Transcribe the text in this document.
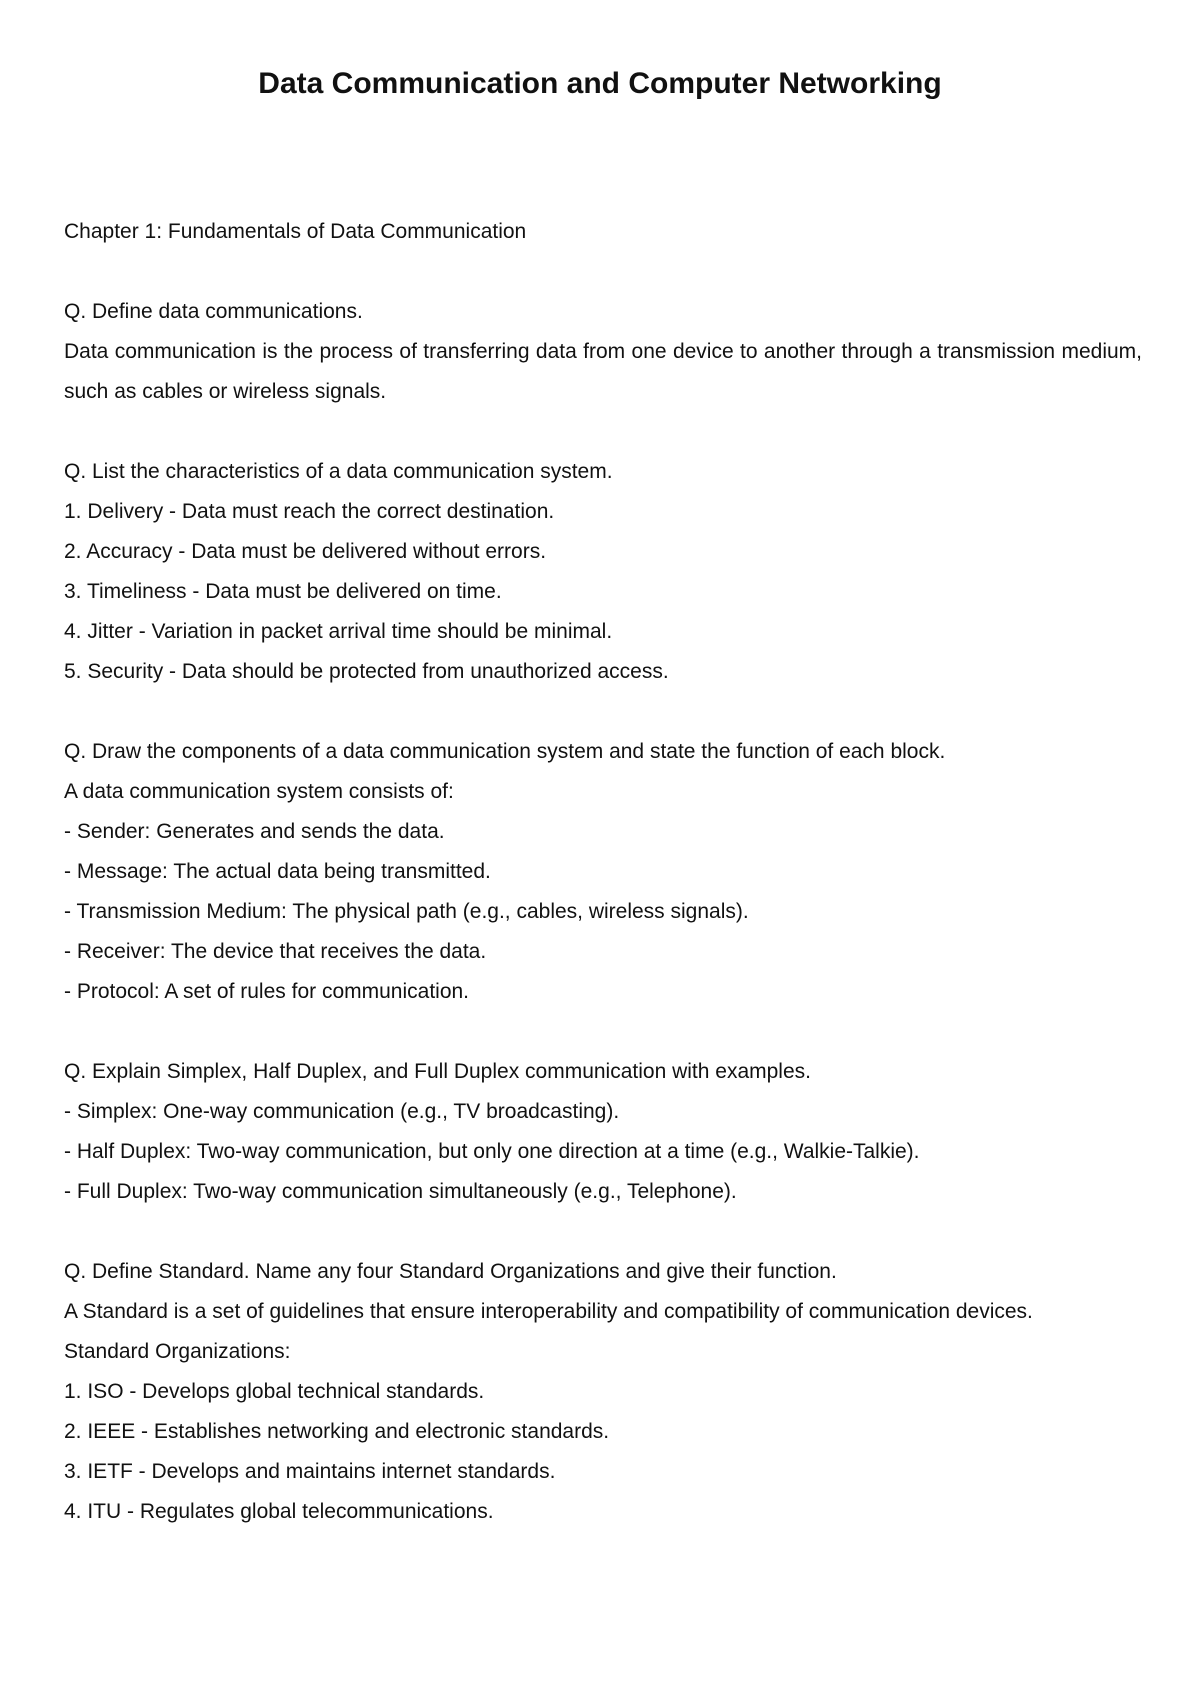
Data Communication and Computer Networking
Chapter 1: Fundamentals of Data Communication

Q. Define data communications.

Data communication is the process of transferring data from one device to another through a transmission medium, such as cables or wireless signals.

Q. List the characteristics of a data communication system.

1. Delivery - Data must reach the correct destination.

2. Accuracy - Data must be delivered without errors.

3. Timeliness - Data must be delivered on time.

4. Jitter - Variation in packet arrival time should be minimal.

5. Security - Data should be protected from unauthorized access.

Q. Draw the components of a data communication system and state the function of each block.

A data communication system consists of:

- Sender: Generates and sends the data.

- Message: The actual data being transmitted.

- Transmission Medium: The physical path (e.g., cables, wireless signals).

- Receiver: The device that receives the data.

- Protocol: A set of rules for communication.

Q. Explain Simplex, Half Duplex, and Full Duplex communication with examples.

- Simplex: One-way communication (e.g., TV broadcasting).

- Half Duplex: Two-way communication, but only one direction at a time (e.g., Walkie-Talkie).

- Full Duplex: Two-way communication simultaneously (e.g., Telephone).

Q. Define Standard. Name any four Standard Organizations and give their function.

A Standard is a set of guidelines that ensure interoperability and compatibility of communication devices.

Standard Organizations:

1. ISO - Develops global technical standards.

2. IEEE - Establishes networking and electronic standards.

3. IETF - Develops and maintains internet standards.

4. ITU - Regulates global telecommunications.
